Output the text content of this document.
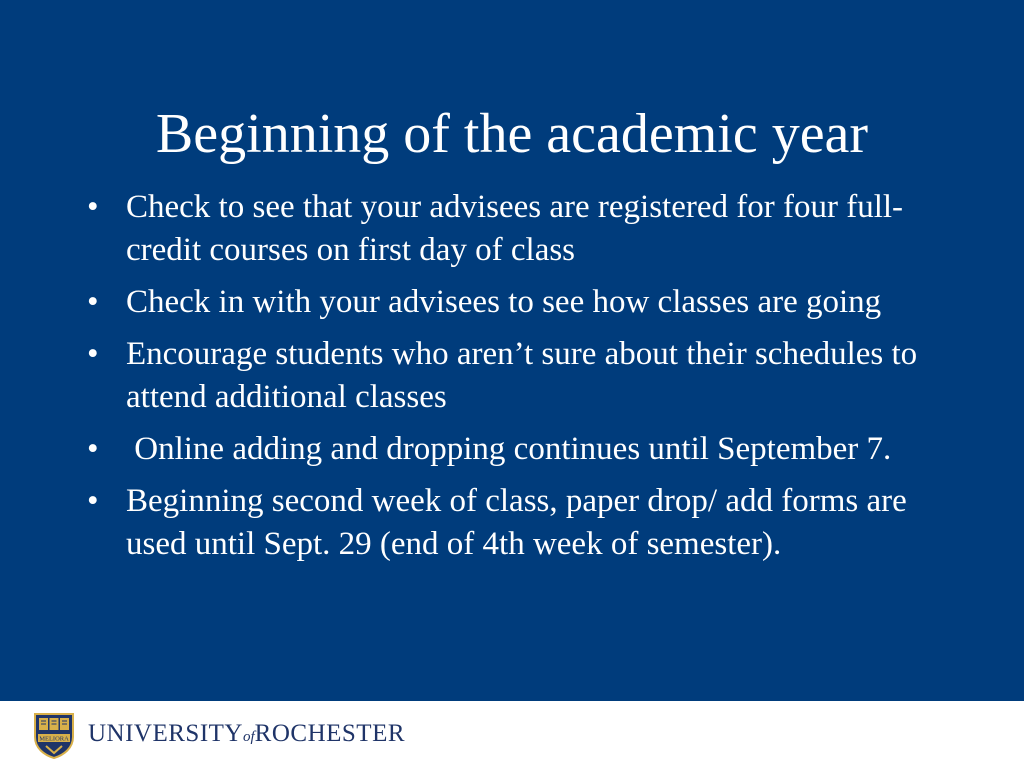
Beginning of the academic year
• Check to see that your advisees are registered for four full-credit courses on first day of class
• Check in with your advisees to see how classes are going
• Encourage students who aren’t sure about their schedules to attend additional classes
• Online adding and dropping continues until September 7.
• Beginning second week of class, paper drop/ add forms are used until Sept. 29 (end of 4th week of semester).
MELIORA UNIVERSITYofROCHESTER
